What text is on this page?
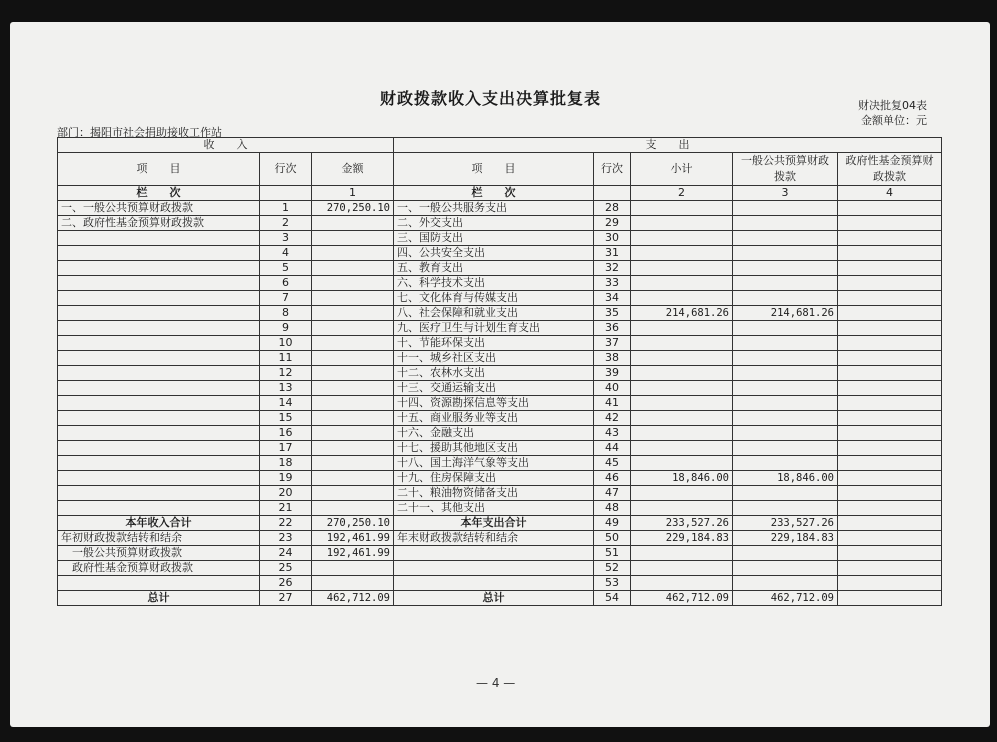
财政拨款收入支出决算批复表	财决批复04表
金额单位：元
部门：揭阳市社会捐助接收工作站
收　　入			支　　出				
项　　目	行次	金额	项　　目	行次	小计	一般公共预算财政拨款	政府性基金预算财政拨款
栏　　次		1	栏　　次		2	3	4
一、一般公共预算财政拨款	1	270,250.10	一、一般公共服务支出	28			
二、政府性基金预算财政拨款	2		二、外交支出	29			
	3		三、国防支出	30			
	4		四、公共安全支出	31			
	5		五、教育支出	32			
	6		六、科学技术支出	33			
	7		七、文化体育与传媒支出	34			
	8		八、社会保障和就业支出	35	214,681.26	214,681.26	
	9		九、医疗卫生与计划生育支出	36			
	10		十、节能环保支出	37			
	11		十一、城乡社区支出	38			
	12		十二、农林水支出	39			
	13		十三、交通运输支出	40			
	14		十四、资源勘探信息等支出	41			
	15		十五、商业服务业等支出	42			
	16		十六、金融支出	43			
	17		十七、援助其他地区支出	44			
	18		十八、国土海洋气象等支出	45			
	19		十九、住房保障支出	46	18,846.00	18,846.00	
	20		二十、粮油物资储备支出	47			
	21		二十一、其他支出	48			
本年收入合计	22	270,250.10	本年支出合计	49	233,527.26	233,527.26	
年初财政拨款结转和结余	23	192,461.99	年末财政拨款结转和结余	50	229,184.83	229,184.83	
一般公共预算财政拨款	24	192,461.99		51			
政府性基金预算财政拨款	25			52			
	26			53			
总计	27	462,712.09	总计	54	462,712.09	462,712.09	
— 4 —
